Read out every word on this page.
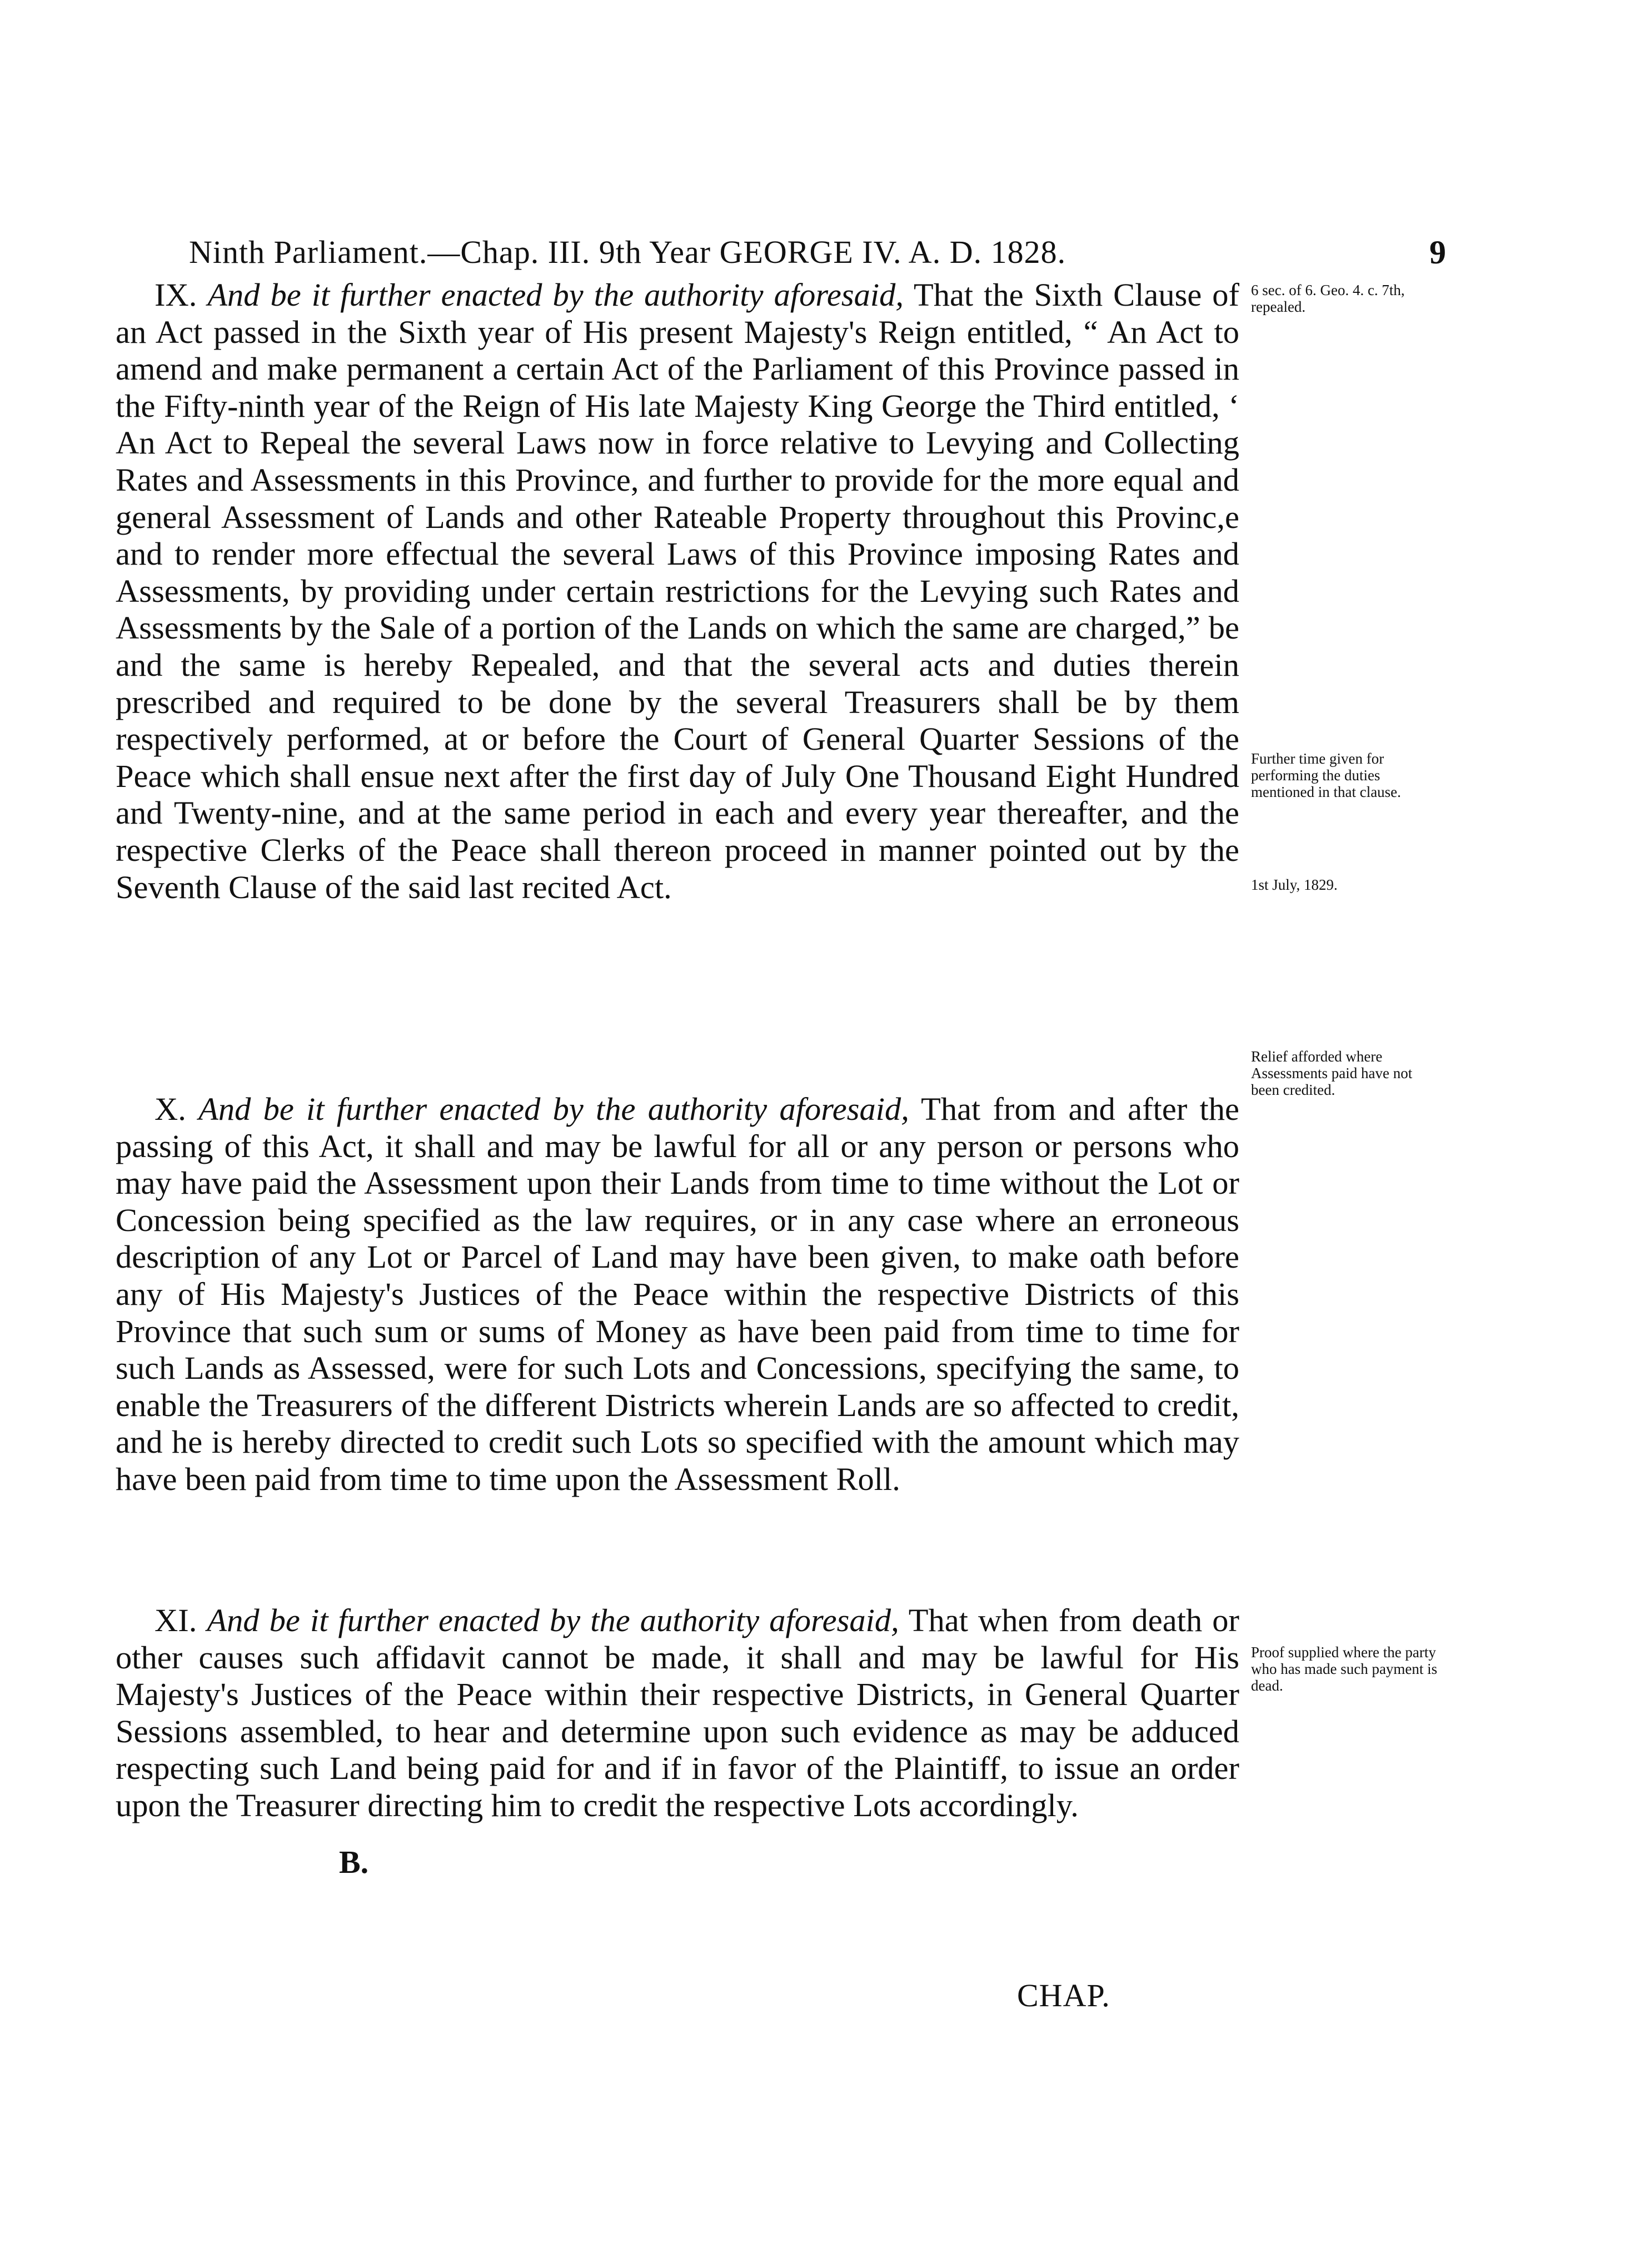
Ninth Parliament.—Chap. III. 9th Year GEORGE IV. A. D. 1828.	9
IX. And be it further enacted by the authority aforesaid, That the Sixth Clause of an Act passed in the Sixth year of His present Majesty's Reign entitled, “ An Act to amend and make permanent a certain Act of the Parliament of this Province passed in the Fifty-ninth year of the Reign of His late Majesty King George the Third entitled, ‘ An Act to Repeal the several Laws now in force relative to Levying and Collecting Rates and Assessments in this Province, and further to provide for the more equal and general Assessment of Lands and other Rateable Property throughout this Provinc,e and to render more effectual the several Laws of this Province imposing Rates and Assessments, by providing under certain restrictions for the Levying such Rates and Assessments by the Sale of a portion of the Lands on which the same are charged,” be and the same is hereby Repealed, and that the several acts and duties therein prescribed and required to be done by the several Treasurers shall be by them respectively performed, at or before the Court of General Quarter Sessions of the Peace which shall ensue next after the first day of July One Thousand Eight Hundred and Twenty-nine, and at the same period in each and every year thereafter, and the respective Clerks of the Peace shall thereon proceed in manner pointed out by the Seventh Clause of the said last recited Act.
X. And be it further enacted by the authority aforesaid, That from and after the passing of this Act, it shall and may be lawful for all or any person or persons who may have paid the Assessment upon their Lands from time to time without the Lot or Concession being specified as the law requires, or in any case where an erroneous description of any Lot or Parcel of Land may have been given, to make oath before any of His Majesty's Justices of the Peace within the respective Districts of this Province that such sum or sums of Money as have been paid from time to time for such Lands as Assessed, were for such Lots and Concessions, specifying the same, to enable the Treasurers of the different Districts wherein Lands are so affected to credit, and he is hereby directed to credit such Lots so specified with the amount which may have been paid from time to time upon the Assessment Roll.
XI. And be it further enacted by the authority aforesaid, That when from death or other causes such affidavit cannot be made, it shall and may be lawful for His Majesty's Justices of the Peace within their respective Districts, in General Quarter Sessions assembled, to hear and determine upon such evidence as may be adduced respecting such Land being paid for and if in favor of the Plaintiff, to issue an order upon the Treasurer directing him to credit the respective Lots accordingly.
6 sec. of 6. Geo. 4. c. 7th, repealed.
Further time given for performing the duties mentioned in that clause.
1st July, 1829.
Relief afforded where Assessments paid have not been credited.
Proof supplied where the party who has made such payment is dead.
B.
CHAP.
